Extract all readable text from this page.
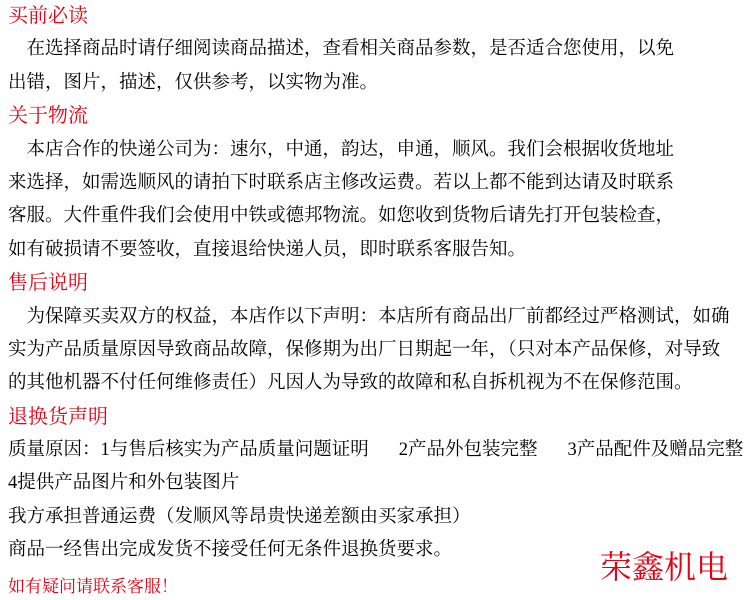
买前必读
在选择商品时请仔细阅读商品描述，查看相关商品参数，是否适合您使用，以免
出错，图片，描述，仅供参考，以实物为准。
关于物流
本店合作的快递公司为：速尔，中通，韵达，申通，顺风。我们会根据收货地址
来选择，如需选顺风的请拍下时联系店主修改运费。若以上都不能到达请及时联系
客服。大件重件我们会使用中铁或德邦物流。如您收到货物后请先打开包装检查，
如有破损请不要签收，直接退给快递人员，即时联系客服告知。
售后说明
为保障买卖双方的权益，本店作以下声明：本店所有商品出厂前都经过严格测试，如确
实为产品质量原因导致商品故障，保修期为出厂日期起一年，（只对本产品保修，对导致
的其他机器不付任何维修责任）凡因人为导致的故障和私自拆机视为不在保修范围。
退换货声明
质量原因：1与售后核实为产品质量问题证明 2产品外包装完整 3产品配件及赠品完整
4提供产品图片和外包装图片
我方承担普通运费（发顺风等昂贵快递差额由买家承担）
商品一经售出完成发货不接受任何无条件退换货要求。
如有疑问请联系客服！
荣鑫机电
